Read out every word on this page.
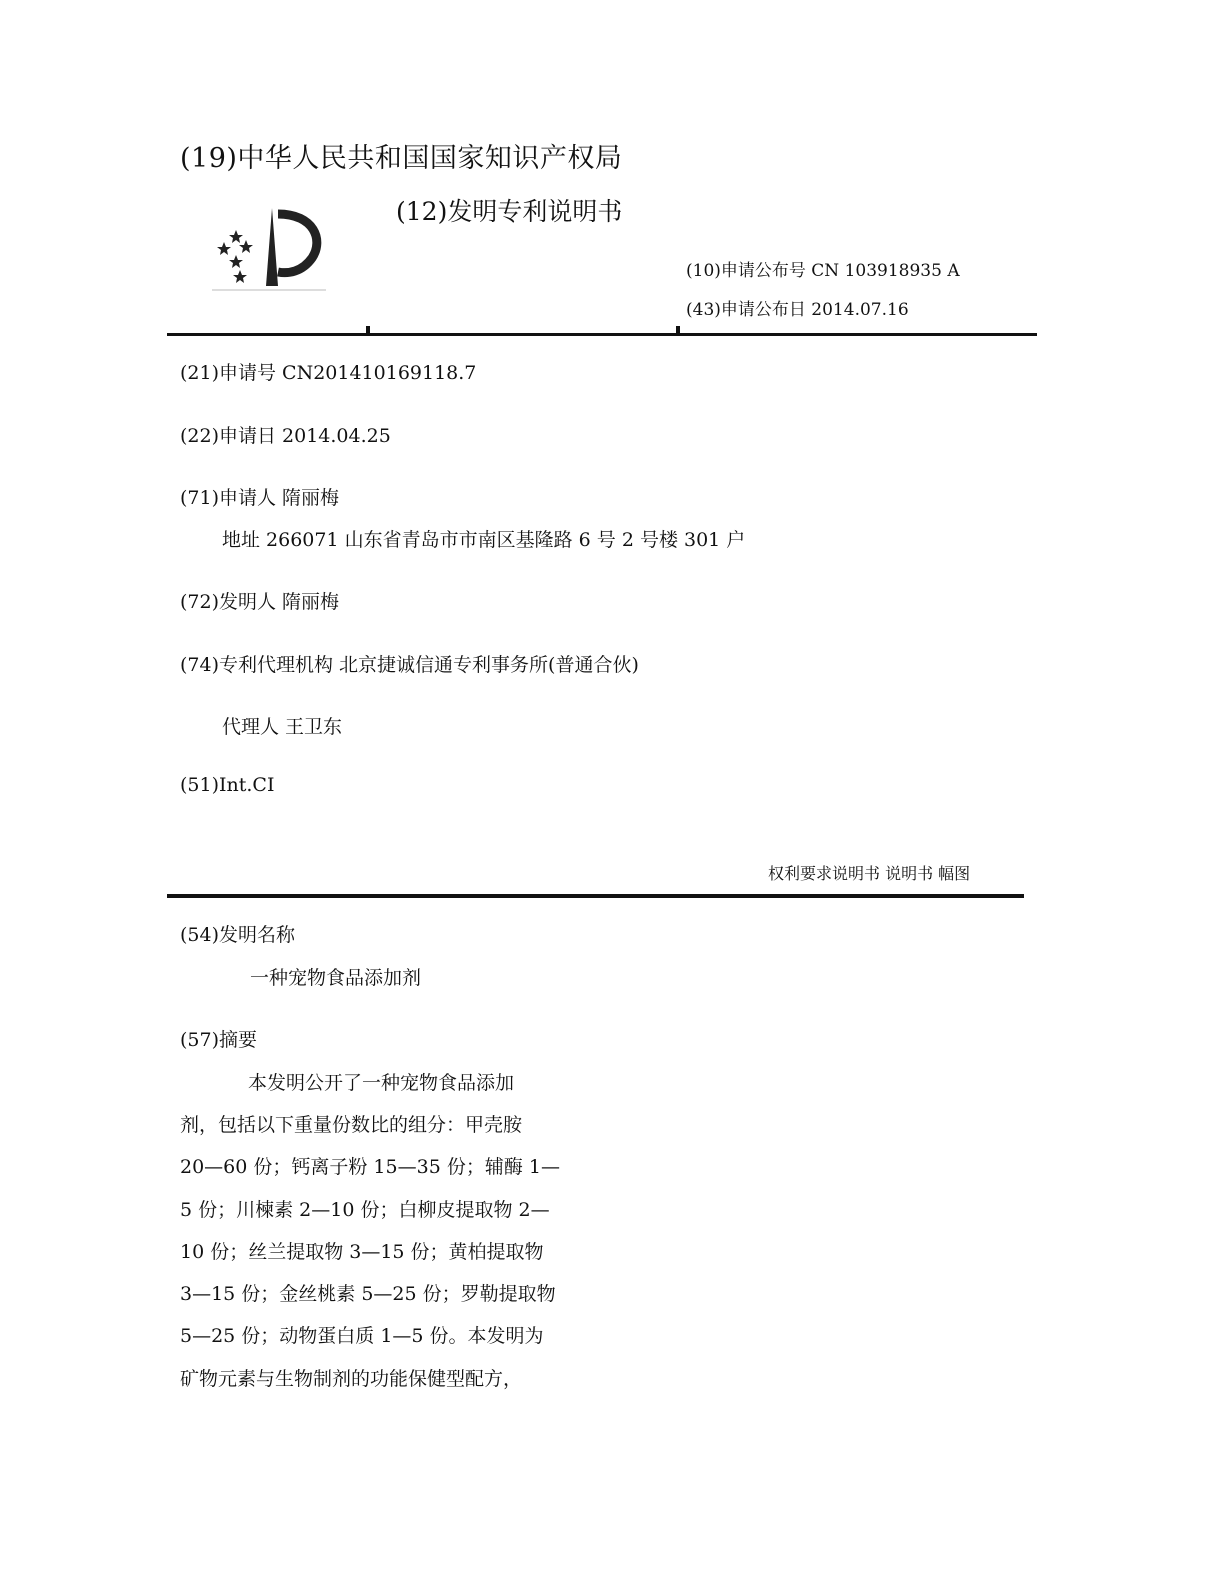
(19)中华人民共和国国家知识产权局
(12)发明专利说明书
(10)申请公布号 CN 103918935 A
(43)申请公布日 2014.07.16
(21)申请号 CN201410169118.7
(22)申请日 2014.04.25
(71)申请人 隋丽梅
地址 266071 山东省青岛市市南区基隆路 6 号 2 号楼 301 户
(72)发明人 隋丽梅
(74)专利代理机构 北京捷诚信通专利事务所(普通合伙)
代理人 王卫东
(51)Int.CI
权利要求说明书 说明书 幅图
(54)发明名称
一种宠物食品添加剂
(57)摘要
本发明公开了一种宠物食品添加
剂，包括以下重量份数比的组分：甲壳胺
20—60 份；钙离子粉 15—35 份；辅酶 1—
5 份；川楝素 2—10 份；白柳皮提取物 2—
10 份；丝兰提取物 3—15 份；黄柏提取物
3—15 份；金丝桃素 5—25 份；罗勒提取物
5—25 份；动物蛋白质 1—5 份。本发明为
矿物元素与生物制剂的功能保健型配方，
